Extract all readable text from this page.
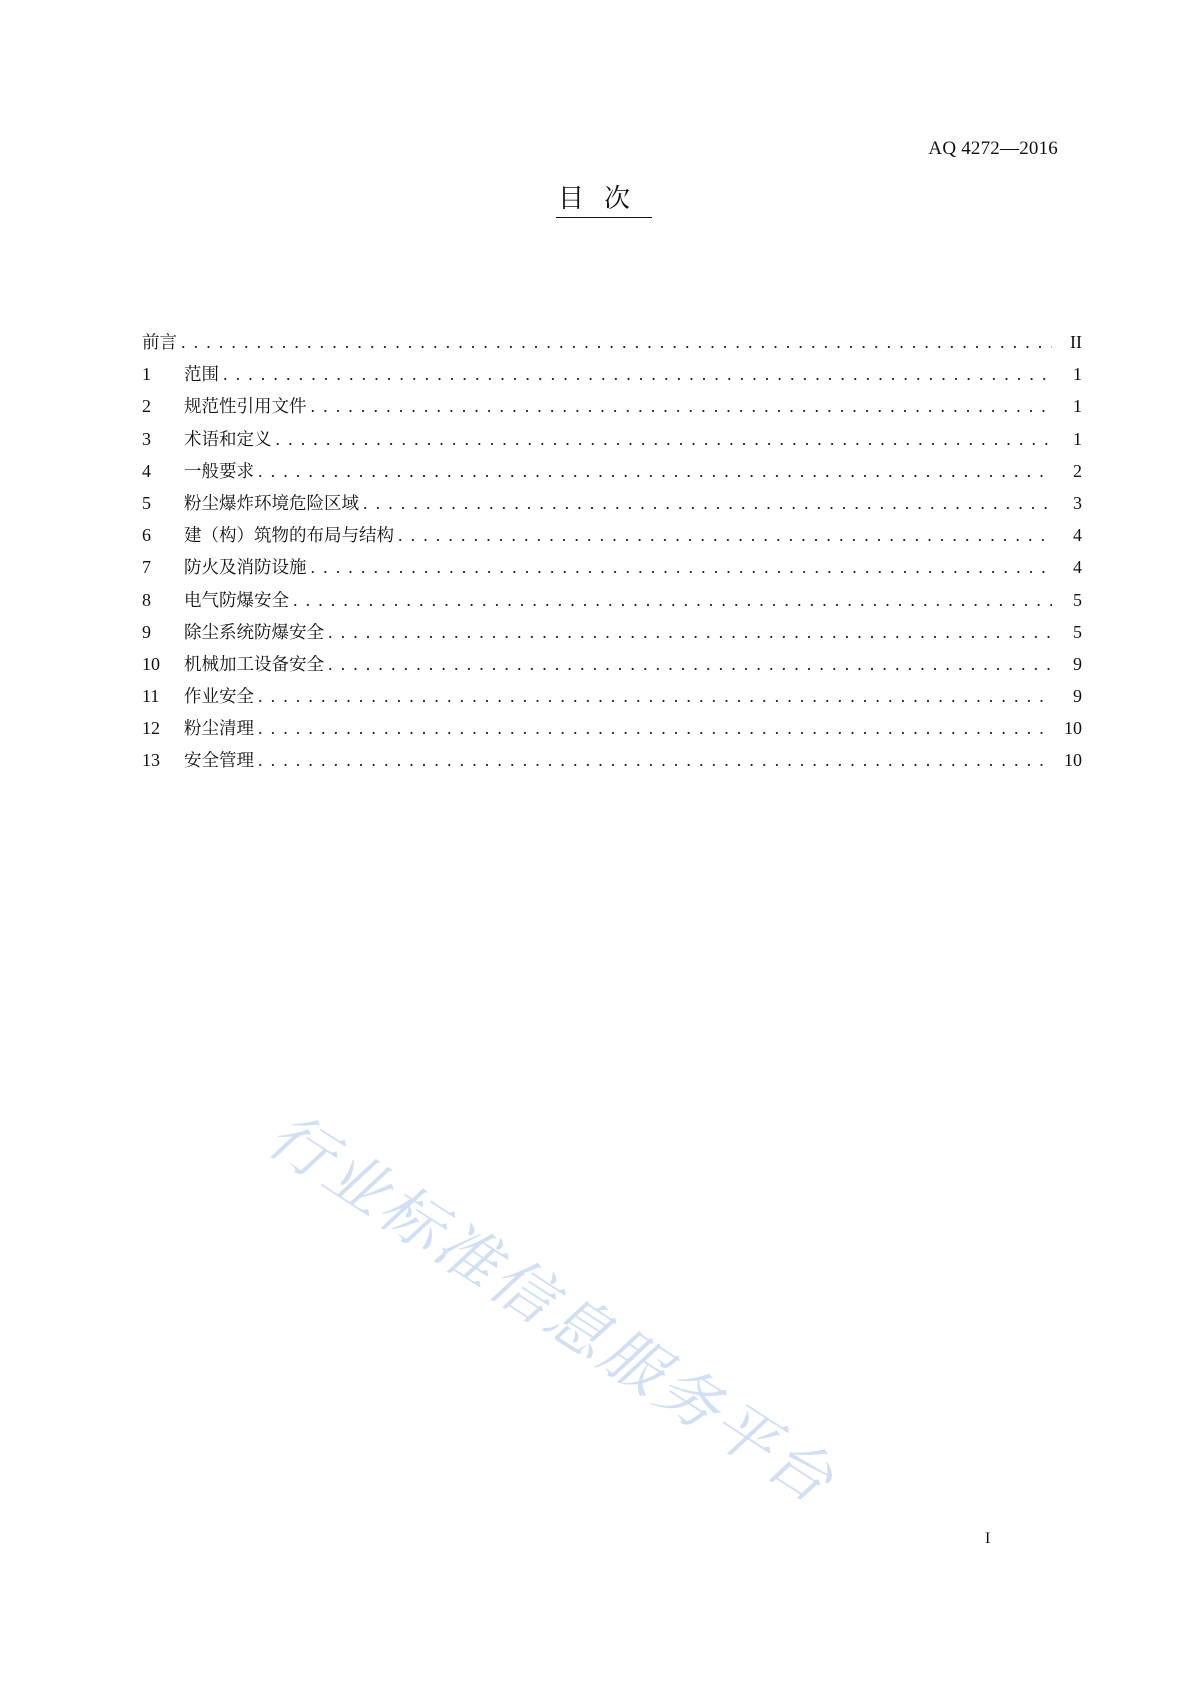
AQ 4272—2016
目次
前言 . . .	II
1	范围 . . .	1
2	规范性引用文件 . . .	1
3	术语和定义 . . .	1
4	一般要求 . . .	2
5	粉尘爆炸环境危险区域 . . .	3
6	建（构）筑物的布局与结构 . . .	4
7	防火及消防设施 . . .	4
8	电气防爆安全 . . .	5
9	除尘系统防爆安全 . . .	5
10	机械加工设备安全 . . .	9
11	作业安全 . . .	9
12	粉尘清理 . . .	10
13	安全管理 . . .	10
行业标准信息服务平台
I
